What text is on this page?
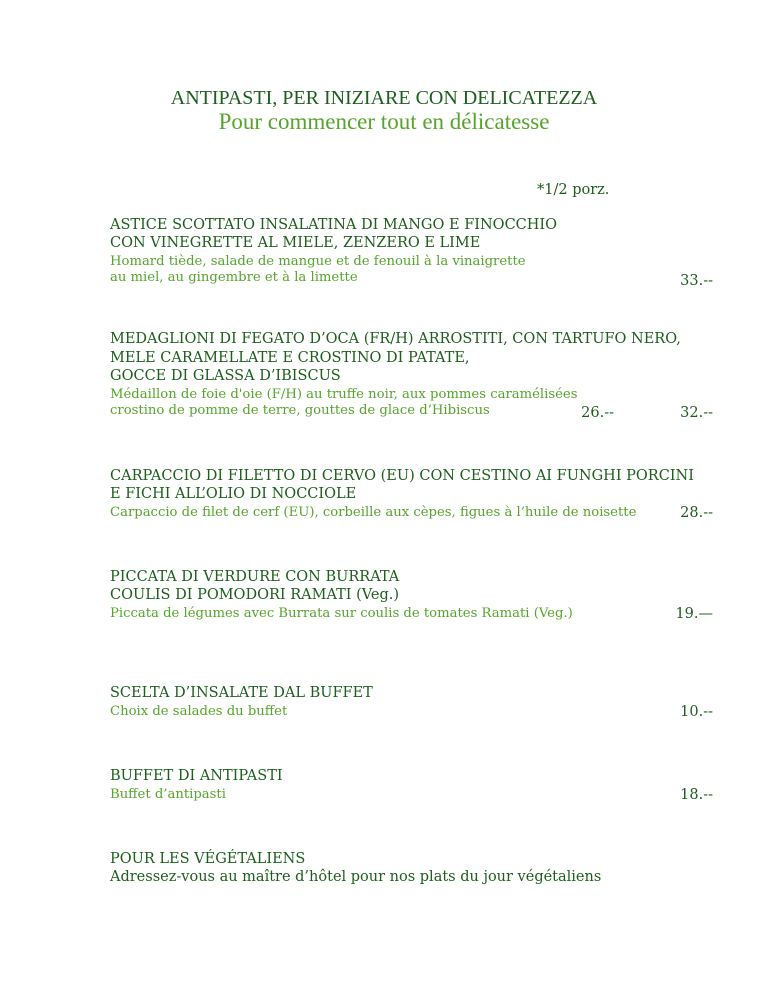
ANTIPASTI, PER INIZIARE CON DELICATEZZA
Pour commencer tout en délicatesse
*1/2 porz.
ASTICE SCOTTATO INSALATINA DI MANGO E FINOCCHIO
CON VINEGRETTE AL MIELE, ZENZERO E LIME
Homard tiède, salade de mangue et de fenouil à la vinaigrette
au miel, au gingembre et à la limette	33.--
MEDAGLIONI DI FEGATO D’OCA (FR/H) ARROSTITI, CON TARTUFO NERO,
MELE CARAMELLATE E CROSTINO DI PATATE,
GOCCE DI GLASSA D’IBISCUS
Médaillon de foie d'oie (F/H) au truffe noir, aux pommes caramélisées
crostino de pomme de terre, gouttes de glace d’Hibiscus	26.--	32.--
CARPACCIO DI FILETTO DI CERVO (EU) CON CESTINO AI FUNGHI PORCINI
E FICHI ALL’OLIO DI NOCCIOLE
Carpaccio de filet de cerf (EU), corbeille aux cèpes, figues à l’huile de noisette	28.--
PICCATA DI VERDURE CON BURRATA
COULIS DI POMODORI RAMATI (Veg.)
Piccata de légumes avec Burrata sur coulis de tomates Ramati (Veg.)	19.—
SCELTA D’INSALATE DAL BUFFET
Choix de salades du buffet	10.--
BUFFET DI ANTIPASTI
Buffet d’antipasti	18.--
POUR LES VÉGÉTALIENS
Adressez-vous au maître d’hôtel pour nos plats du jour végétaliens
